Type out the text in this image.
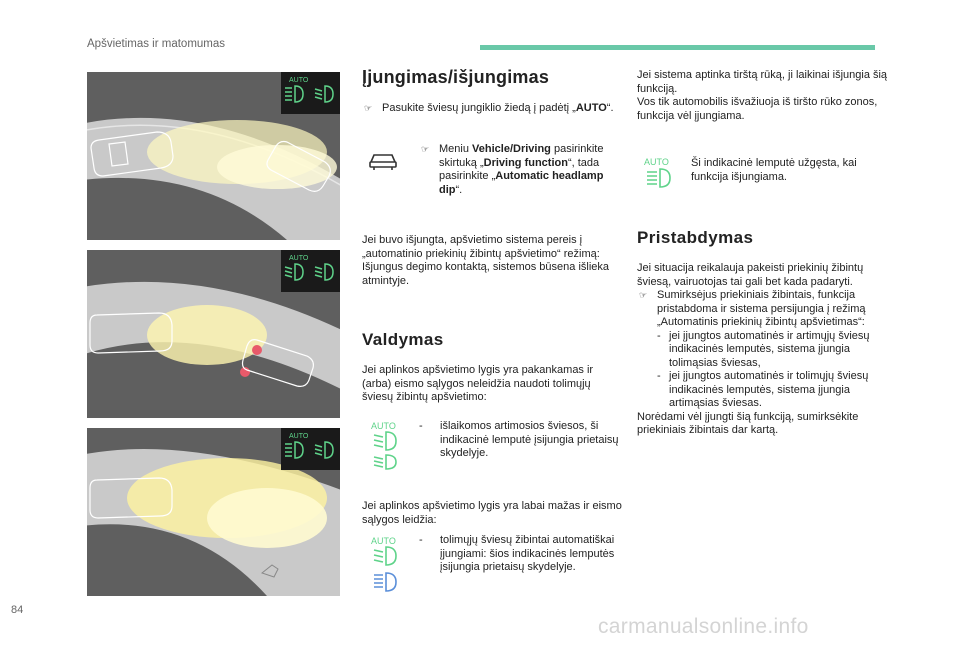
Apšvietimas ir matomumas
AUTO
AUTO
AUTO
Įjungimas/išjungimas
☞ Pasukite šviesų jungiklio žiedą į padėtį „AUTO“.
☞ Meniu Vehicle/Driving pasirinkite skirtuką „Driving function“, tada pasirinkite „Automatic headlamp dip“.

Jei buvo išjungta, apšvietimo sistema pereis į „automatinio priekinių žibintų apšvietimo“ režimą:

Išjungus degimo kontaktą, sistemos būsena išlieka atmintyje.

Valdymas

Jei aplinkos apšvietimo lygis yra pakankamas ir (arba) eismo sąlygos neleidžia naudoti tolimųjų šviesų žibintų apšvietimo:

AUTO - išlaikomos artimosios šviesos, ši indikacinė lemputė įsijungia prietaisų skydelyje.

Jei aplinkos apšvietimo lygis yra labai mažas ir eismo sąlygos leidžia:

AUTO - tolimųjų šviesų žibintai automatiškai įjungiami: šios indikacinės lemputės įsijungia prietaisų skydelyje.

Jei sistema aptinka tirštą rūką, ji laikinai išjungia šią funkciją.

Vos tik automobilis išvažiuoja iš tiršto rūko zonos, funkcija vėl įjungiama.

AUTO Ši indikacinė lemputė užgęsta, kai funkcija išjungiama.

Pristabdymas

Jei situacija reikalauja pakeisti priekinių žibintų šviesą, vairuotojas tai gali bet kada padaryti.

☞ Sumirksėjus priekiniais žibintais, funkcija pristabdoma ir sistema persijungia į režimą „Automatinis priekinių žibintų apšvietimas“:
- jei įjungtos automatinės ir artimųjų šviesų indikacinės lemputės, sistema įjungia tolimąsias šviesas,
- jei įjungtos automatinės ir tolimųjų šviesų indikacinės lemputės, sistema įjungia artimąsias šviesas.

Norėdami vėl įjungti šią funkciją, sumirksėkite priekiniais žibintais dar kartą.

84
carmanualsonline.info
